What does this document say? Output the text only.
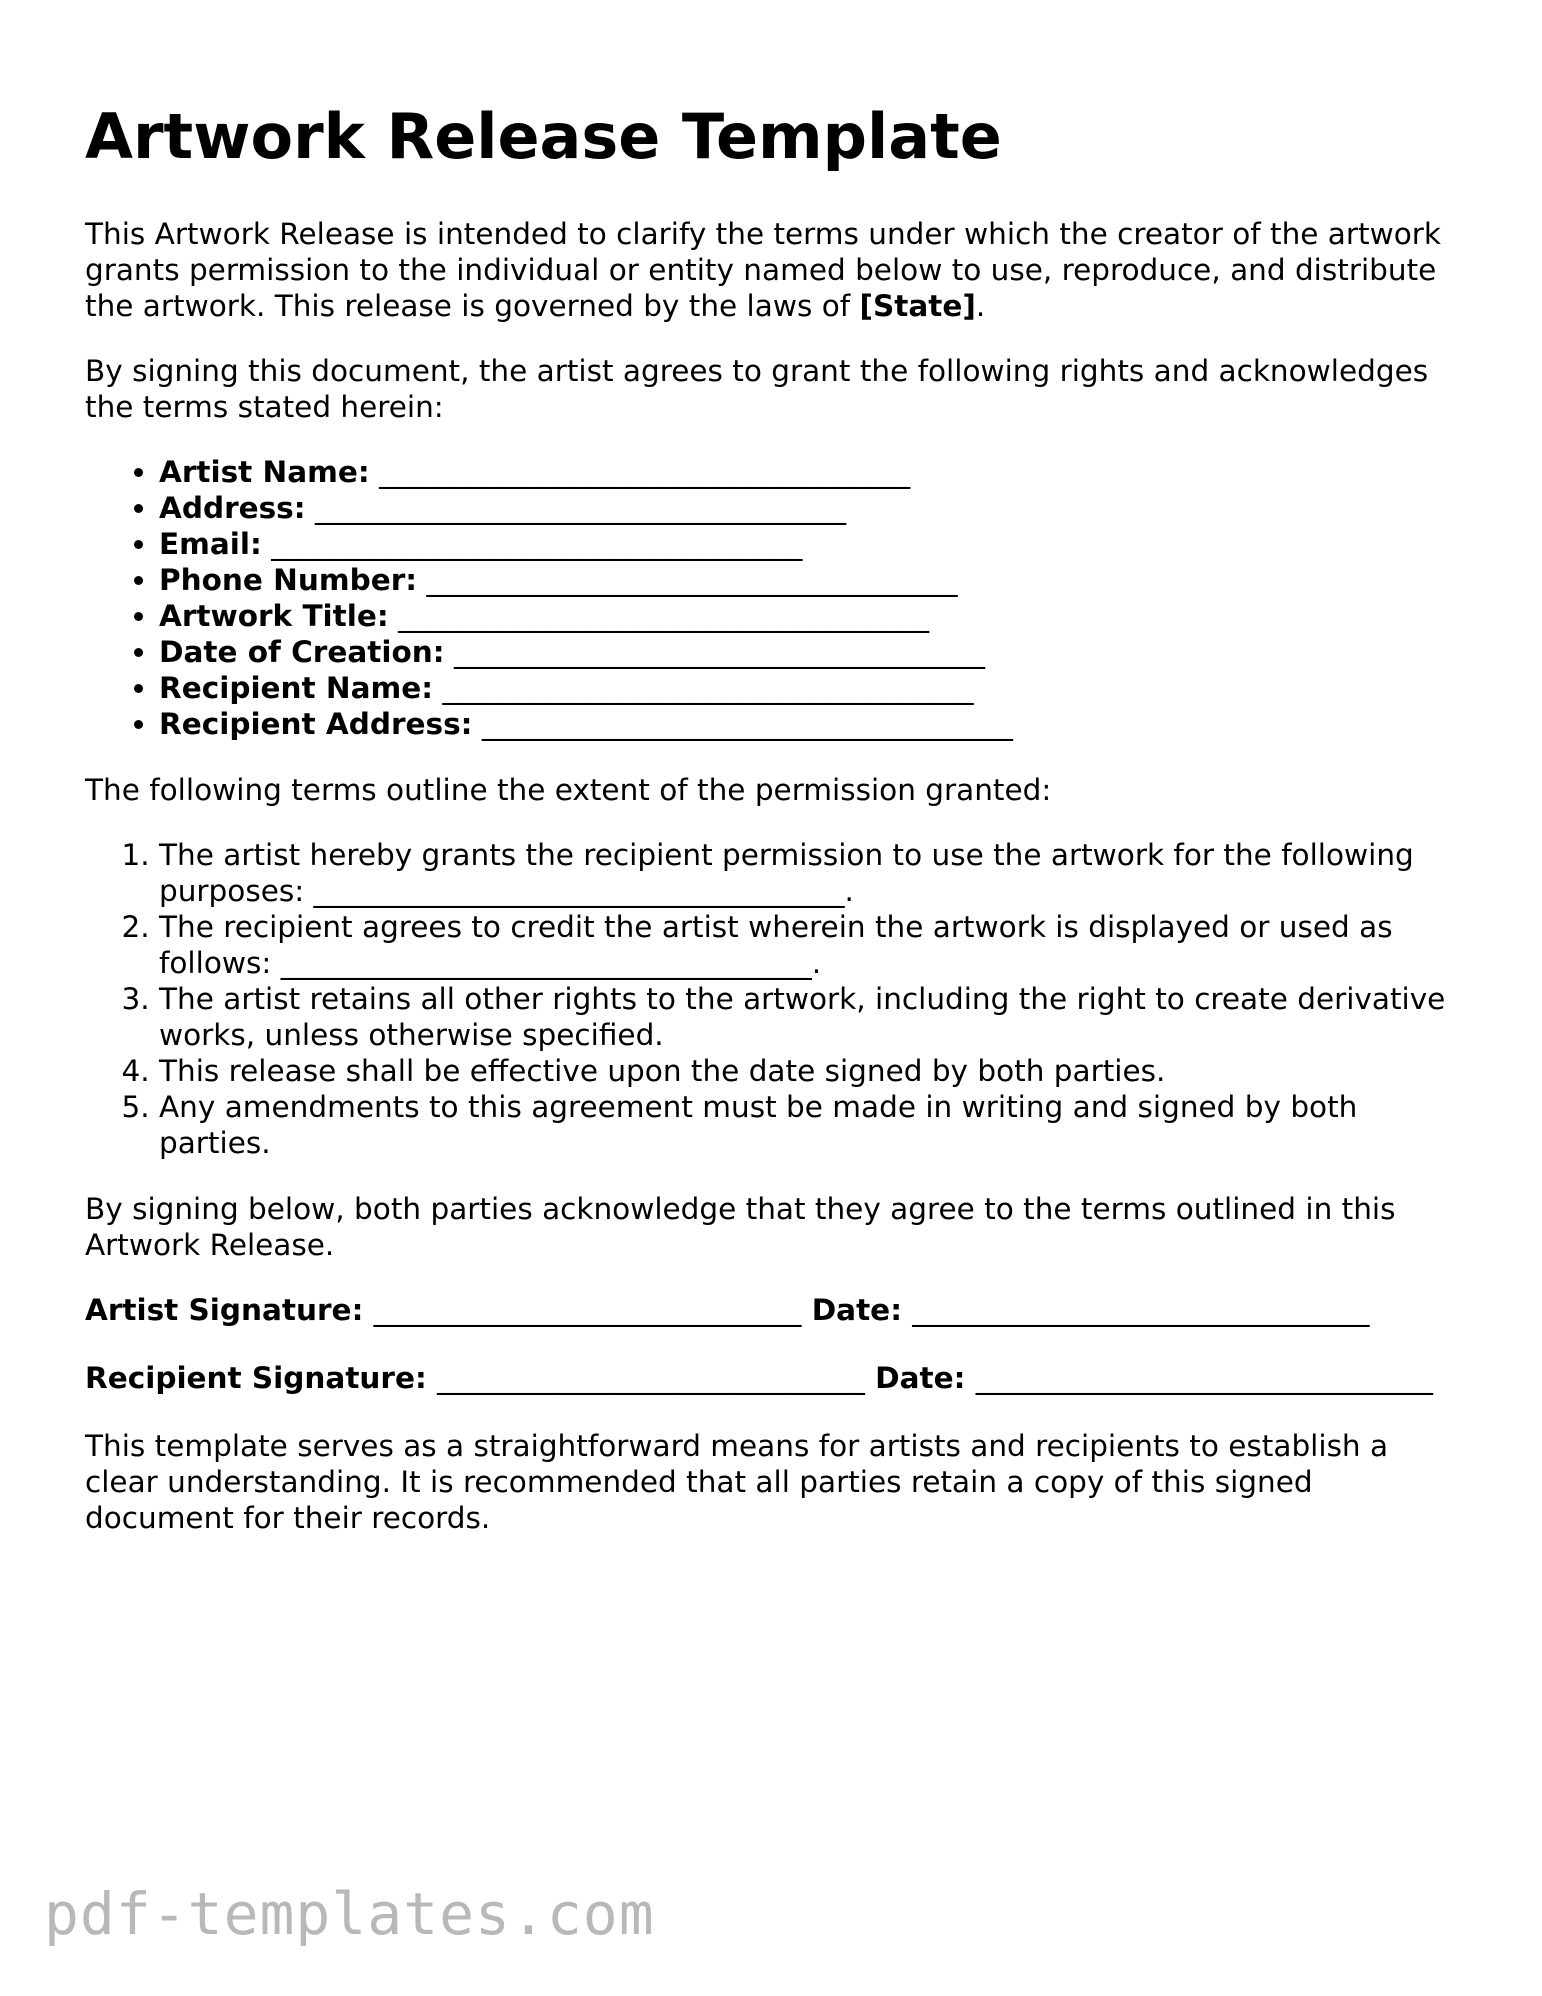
Artwork Release Template

This Artwork Release is intended to clarify the terms under which the creator of the artwork grants permission to the individual or entity named below to use, reproduce, and distribute the artwork. This release is governed by the laws of [State].

By signing this document, the artist agrees to grant the following rights and acknowledges the terms stated herein:

• Artist Name: ____________________________________
• Address: ____________________________________
• Email: ____________________________________
• Phone Number: ____________________________________
• Artwork Title: ____________________________________
• Date of Creation: ____________________________________
• Recipient Name: ____________________________________
• Recipient Address: ____________________________________

The following terms outline the extent of the permission granted:

1. The artist hereby grants the recipient permission to use the artwork for the following purposes: ____________________________________.
2. The recipient agrees to credit the artist wherein the artwork is displayed or used as follows: ____________________________________.
3. The artist retains all other rights to the artwork, including the right to create derivative works, unless otherwise specified.
4. This release shall be effective upon the date signed by both parties.
5. Any amendments to this agreement must be made in writing and signed by both parties.

By signing below, both parties acknowledge that they agree to the terms outlined in this Artwork Release.

Artist Signature: _____________________________ Date: _______________________________
Recipient Signature: _____________________________ Date: _______________________________

This template serves as a straightforward means for artists and recipients to establish a clear understanding. It is recommended that all parties retain a copy of this signed document for their records.

pdf-templates.com
